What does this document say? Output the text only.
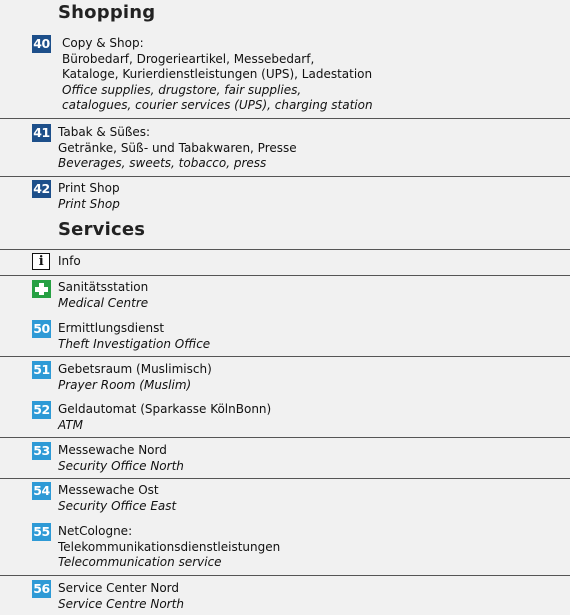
Shopping
40 Copy & Shop:
Bürobedarf, Drogerieartikel, Messebedarf,
Kataloge, Kurierdienstleistungen (UPS), Ladestation
Office supplies, drugstore, fair supplies,
catalogues, courier services (UPS), charging station
41 Tabak & Süßes:
Getränke, Süß- und Tabakwaren, Presse
Beverages, sweets, tobacco, press
42 Print Shop
Print Shop
Services
i	Info
Sanitätsstation
Medical Centre
50 Ermittlungsdienst
Theft Investigation Office
51 Gebetsraum (Muslimisch)
Prayer Room (Muslim)
52 Geldautomat (Sparkasse KölnBonn)
ATM
53 Messewache Nord
Security Office North
54 Messewache Ost
Security Office East
55 NetCologne:
Telekommunikationsdienstleistungen
Telecommunication service
56 Service Center Nord
Service Centre North
